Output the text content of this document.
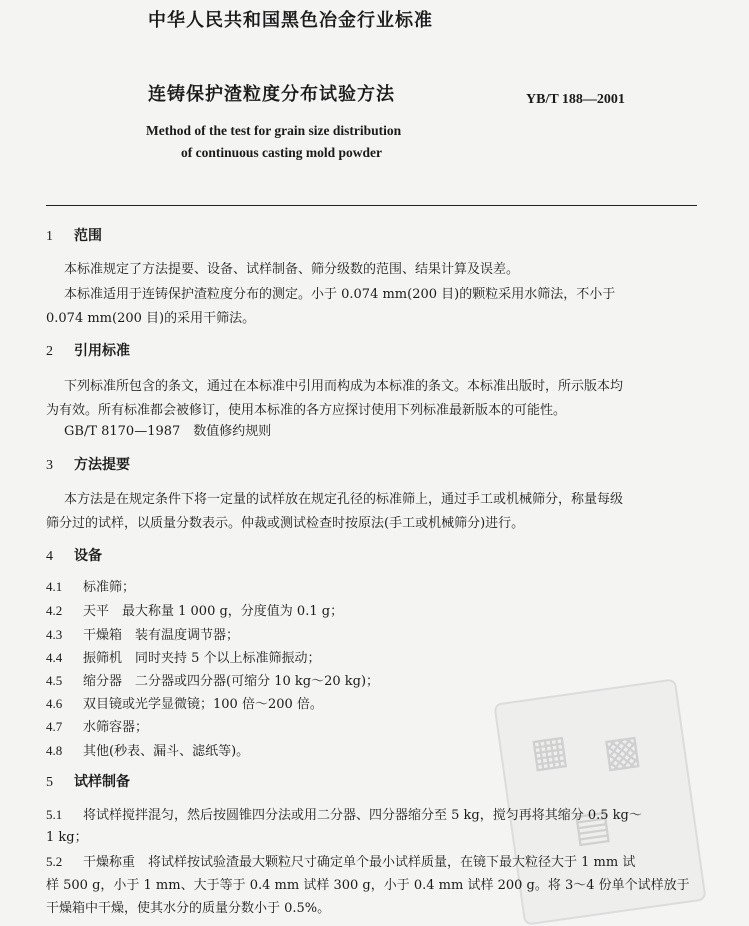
中华人民共和国黑色冶金行业标准
连铸保护渣粒度分布试验方法	YB/T 188—2001
Method of the test for grain size distribution
of continuous casting mold powder
1 范围
本标准规定了方法提要、设备、试样制备、筛分级数的范围、结果计算及误差。
本标准适用于连铸保护渣粒度分布的测定。小于 0.074 mm(200 目)的颗粒采用水筛法，不小于
0.074 mm(200 目)的采用干筛法。
2 引用标准
下列标准所包含的条文，通过在本标准中引用而构成为本标准的条文。本标准出版时，所示版本均
为有效。所有标准都会被修订，使用本标准的各方应探讨使用下列标准最新版本的可能性。
GB/T 8170—1987　数值修约规则
3 方法提要
本方法是在规定条件下将一定量的试样放在规定孔径的标准筛上，通过手工或机械筛分，称量每级
筛分过的试样，以质量分数表示。仲裁或测试检查时按原法(手工或机械筛分)进行。
4 设备
4.1 标准筛；
4.2 天平　最大称量 1 000 g，分度值为 0.1 g；
4.3 干燥箱　装有温度调节器；
4.4 振筛机　同时夹持 5 个以上标准筛振动；
4.5 缩分器　二分器或四分器(可缩分 10 kg～20 kg)；
4.6 双目镜或光学显微镜；100 倍～200 倍。
4.7 水筛容器；
4.8 其他(秒表、漏斗、滤纸等)。	▦ ▩
▤
5 试样制备
5.1 将试样搅拌混匀，然后按圆锥四分法或用二分器、四分器缩分至 5 kg，搅匀再将其缩分 0.5 kg～
1 kg；
5.2 干燥称重　将试样按试验渣最大颗粒尺寸确定单个最小试样质量，在镜下最大粒径大于 1 mm 试
样 500 g，小于 1 mm、大于等于 0.4 mm 试样 300 g，小于 0.4 mm 试样 200 g。将 3～4 份单个试样放于
干燥箱中干燥，使其水分的质量分数小于 0.5%。
